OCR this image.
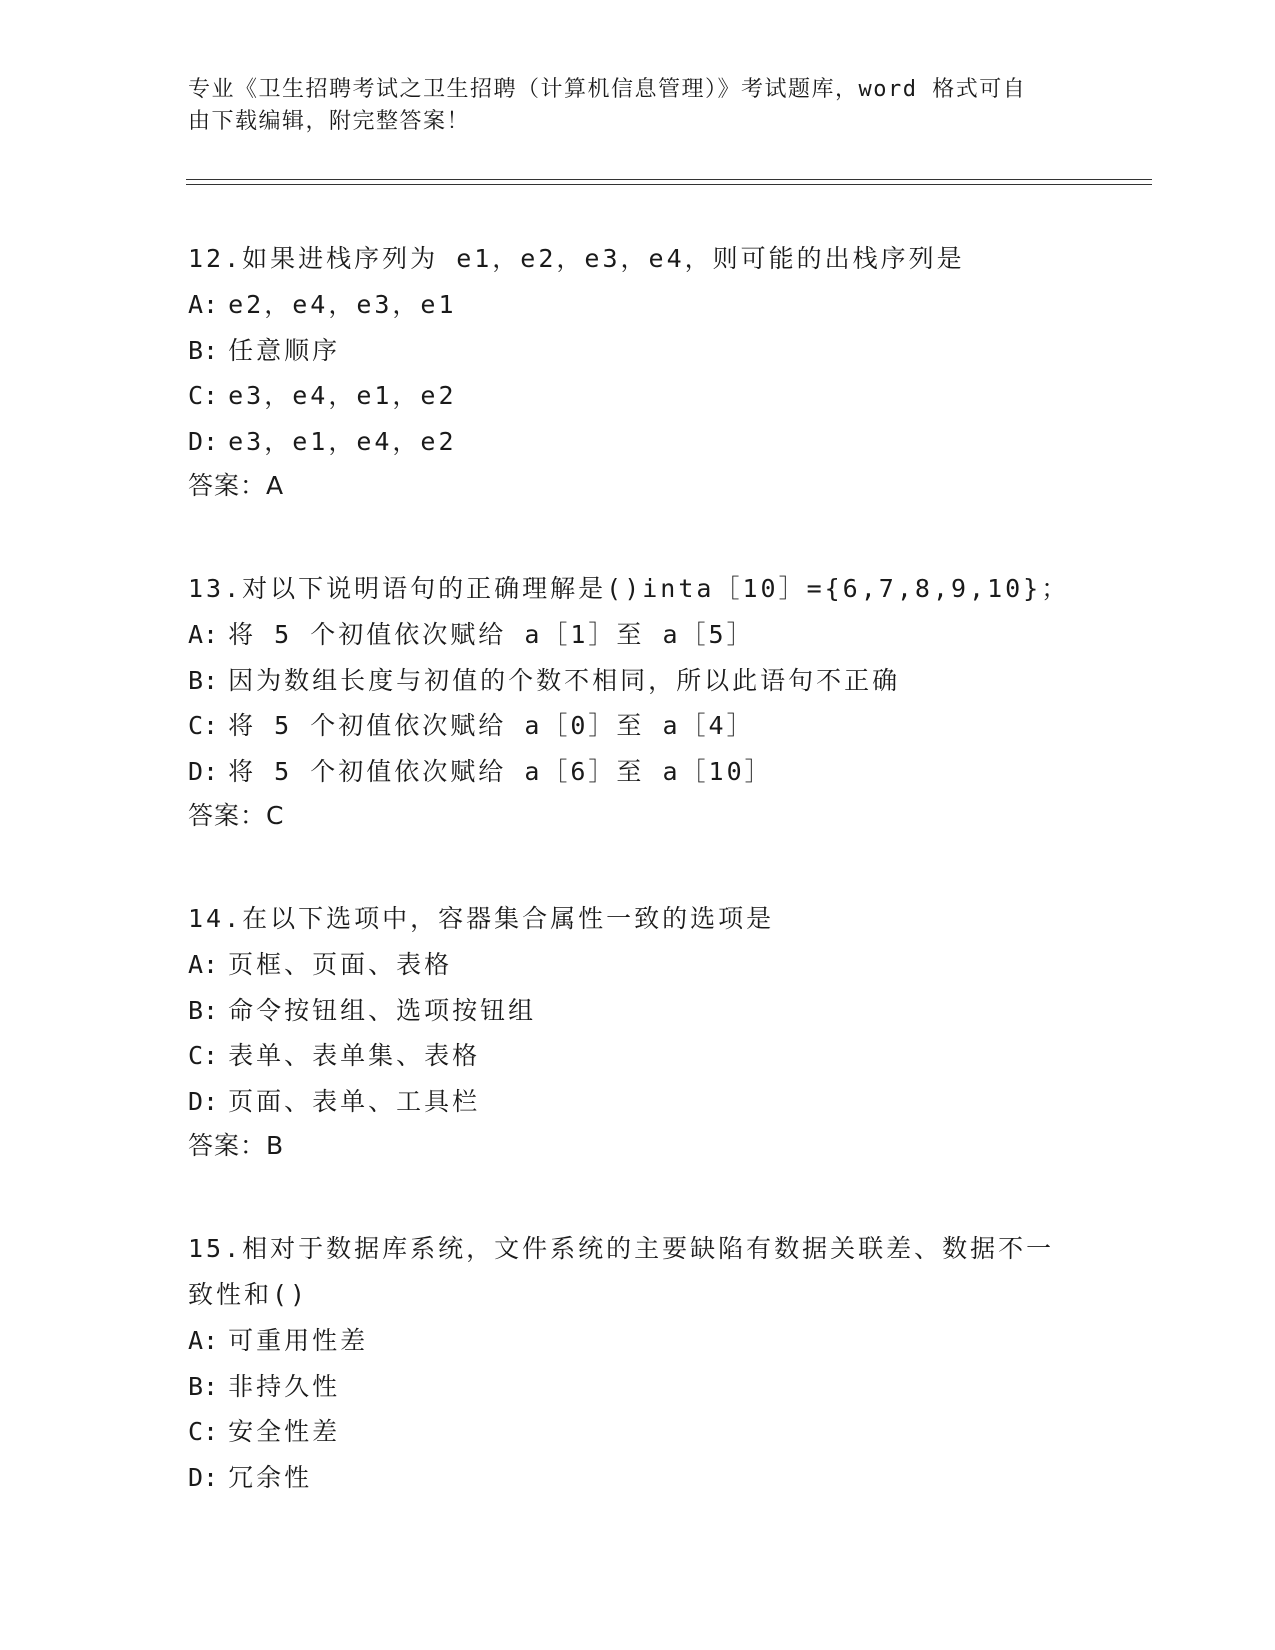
专业《卫生招聘考试之卫生招聘（计算机信息管理）》考试题库，word 格式可自
由下载编辑，附完整答案！
12.如果进栈序列为 e1，e2，e3，e4，则可能的出栈序列是
A: e2，e4，e3，e1
B: 任意顺序
C: e3，e4，e1，e2
D: e3，e1，e4，e2
答案：A
13.对以下说明语句的正确理解是()inta［10］={6,7,8,9,10}；
A: 将 5 个初值依次赋给 a［1］至 a［5］
B: 因为数组长度与初值的个数不相同，所以此语句不正确
C: 将 5 个初值依次赋给 a［0］至 a［4］
D: 将 5 个初值依次赋给 a［6］至 a［10］
答案：C
14.在以下选项中，容器集合属性一致的选项是
A: 页框、页面、表格
B: 命令按钮组、选项按钮组
C: 表单、表单集、表格
D: 页面、表单、工具栏
答案：B
15.相对于数据库系统，文件系统的主要缺陷有数据关联差、数据不一
致性和()
A: 可重用性差
B: 非持久性
C: 安全性差
D: 冗余性
